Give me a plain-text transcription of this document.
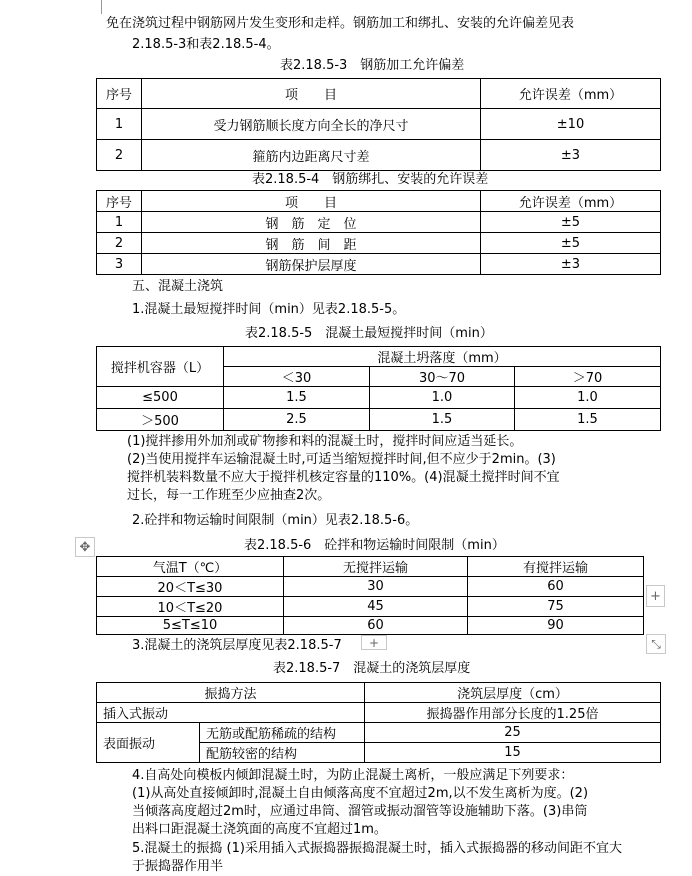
免在浇筑过程中钢筋网片发生变形和走样。钢筋加工和绑扎、安装的允许偏差见表
2.18.5-3和表2.18.5-4。
表2.18.5-3　钢筋加工允许偏差
序号	项　　目	允许误差（mm）
1	受力钢筋顺长度方向全长的净尺寸	±10
2	箍筋内边距离尺寸差	±3
表2.18.5-4　钢筋绑扎、安装的允许误差
序号	项　　目	允许误差（mm）
1	钢　筋　定　位	±5
2	钢　筋　间　距	±5
3	钢筋保护层厚度	±3
五、混凝土浇筑
1.混凝土最短搅拌时间（min）见表2.18.5-5。
表2.18.5-5　混凝土最短搅拌时间（min）
搅拌机容器（L）	混凝土坍落度（mm）		
	＜30	30～70	＞70
≤500	1.5	1.0	1.0
＞500	2.5	1.5	1.5
(1)搅拌掺用外加剂或矿物掺和料的混凝土时，搅拌时间应适当延长。
(2)当使用搅拌车运输混凝土时,可适当缩短搅拌时间,但不应少于2min。(3)
搅拌机装料数量不应大于搅拌机核定容量的110%。(4)混凝土搅拌时间不宜
过长，每一工作班至少应抽查2次。
2.砼拌和物运输时间限制（min）见表2.18.5-6。
✥	表2.18.5-6　砼拌和物运输时间限制（min）
气温T（℃）	无搅拌运输	有搅拌运输
20＜T≤30	30	60
10＜T≤20	45	75
5≤T≤10	60	90
+
+	⤡
3.混凝土的浇筑层厚度见表2.18.5-7
表2.18.5-7　混凝土的浇筑层厚度
振捣方法		浇筑层厚度（cm）
插入式振动		振捣器作用部分长度的1.25倍
表面振动	无筋或配筋稀疏的结构	25
	配筋较密的结构	15
4.自高处向模板内倾卸混凝土时，为防止混凝土离析，一般应满足下列要求：
(1)从高处直接倾卸时,混凝土自由倾落高度不宜超过2m,以不发生离析为度。(2)
当倾落高度超过2m时，应通过串筒、溜管或振动溜管等设施辅助下落。(3)串筒
出料口距混凝土浇筑面的高度不宜超过1m。
5.混凝土的振捣 (1)采用插入式振捣器振捣混凝土时，插入式振捣器的移动间距不宜大
于振捣器作用半
